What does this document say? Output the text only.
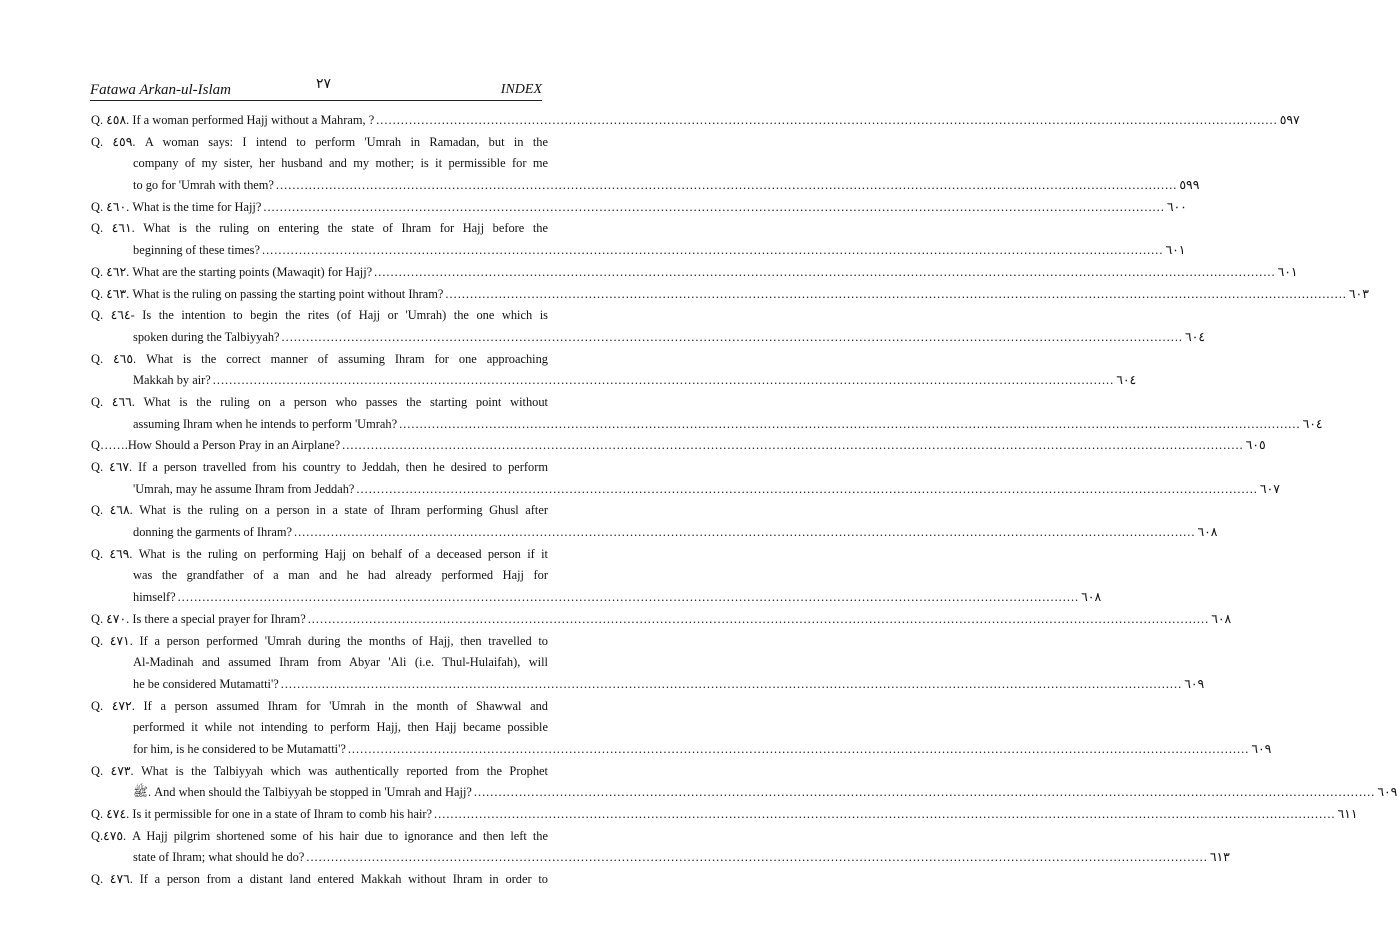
Fatawa Arkan-ul-Islam	٢٧	INDEX
Q. ٤٥٨. If a woman performed Hajj without a Mahram, ? ............................................................................................................................................................................................................................ ٥٩٧
Q. ٤٥٩. A woman says: I intend to perform 'Umrah in Ramadan, but in the
company of my sister, her husband and my mother; is it permissible for me
to go for 'Umrah with them? ............................................................................................................................................................................................................................ ٥٩٩
Q. ٤٦٠. What is the time for Hajj? ............................................................................................................................................................................................................................ ٦٠٠
Q. ٤٦١. What is the ruling on entering the state of Ihram for Hajj before the
beginning of these times? ............................................................................................................................................................................................................................ ٦٠١
Q. ٤٦٢. What are the starting points (Mawaqit) for Hajj? ............................................................................................................................................................................................................................ ٦٠١
Q. ٤٦٣. What is the ruling on passing the starting point without Ihram? ............................................................................................................................................................................................................................ ٦٠٣
Q. ٤٦٤- Is the intention to begin the rites (of Hajj or 'Umrah) the one which is
spoken during the Talbiyyah? ............................................................................................................................................................................................................................ ٦٠٤
Q. ٤٦٥. What is the correct manner of assuming Ihram for one approaching
Makkah by air? ............................................................................................................................................................................................................................ ٦٠٤
Q. ٤٦٦. What is the ruling on a person who passes the starting point without
assuming Ihram when he intends to perform 'Umrah? ............................................................................................................................................................................................................................ ٦٠٤
Q…….How Should a Person Pray in an Airplane? ............................................................................................................................................................................................................................ ٦٠٥
Q. ٤٦٧. If a person travelled from his country to Jeddah, then he desired to perform
'Umrah, may he assume Ihram from Jeddah? ............................................................................................................................................................................................................................ ٦٠٧
Q. ٤٦٨. What is the ruling on a person in a state of Ihram performing Ghusl after
donning the garments of Ihram? ............................................................................................................................................................................................................................ ٦٠٨
Q. ٤٦٩. What is the ruling on performing Hajj on behalf of a deceased person if it
was the grandfather of a man and he had already performed Hajj for
himself? ............................................................................................................................................................................................................................ ٦٠٨
Q. ٤٧٠. Is there a special prayer for Ihram? ............................................................................................................................................................................................................................ ٦٠٨
Q. ٤٧١. If a person performed 'Umrah during the months of Hajj, then travelled to
Al-Madinah and assumed Ihram from Abyar 'Ali (i.e. Thul-Hulaifah), will
he be considered Mutamatti'? ............................................................................................................................................................................................................................ ٦٠٩
Q. ٤٧٢. If a person assumed Ihram for 'Umrah in the month of Shawwal and
performed it while not intending to perform Hajj, then Hajj became possible
for him, is he considered to be Mutamatti'? ............................................................................................................................................................................................................................ ٦٠٩
Q. ٤٧٣. What is the Talbiyyah which was authentically reported from the Prophet
ﷺ. And when should the Talbiyyah be stopped in 'Umrah and Hajj? ............................................................................................................................................................................................................................ ٦٠٩
Q. ٤٧٤. Is it permissible for one in a state of Ihram to comb his hair? ............................................................................................................................................................................................................................ ٦١١
Q.٤٧٥. A Hajj pilgrim shortened some of his hair due to ignorance and then left the
state of Ihram; what should he do? ............................................................................................................................................................................................................................ ٦١٣
Q. ٤٧٦. If a person from a distant land entered Makkah without Ihram in order to
